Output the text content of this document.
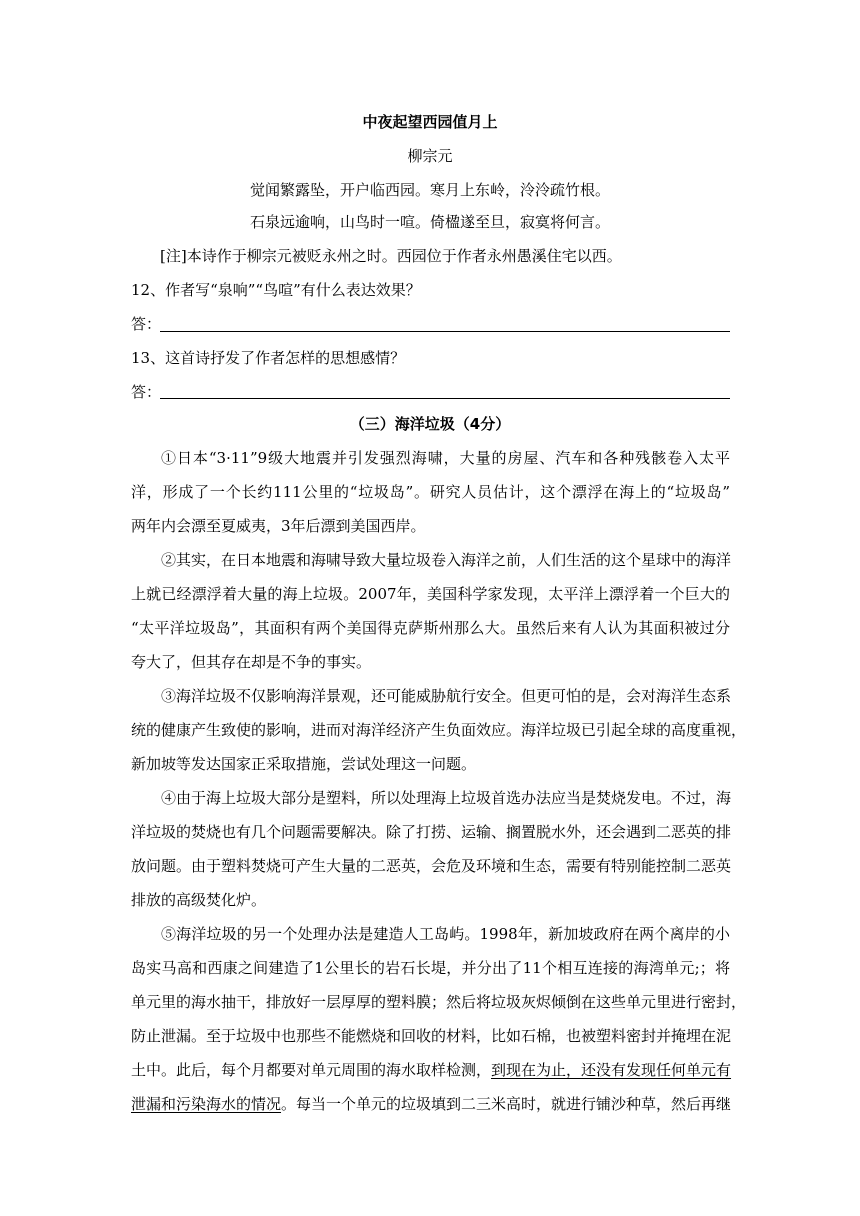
中夜起望西园值月上
柳宗元
觉闻繁露坠，开户临西园。寒月上东岭，泠泠疏竹根。
石泉远逾响，山鸟时一喧。倚楹遂至旦，寂寞将何言。
[注]本诗作于柳宗元被贬永州之时。西园位于作者永州愚溪住宅以西。
12、作者写“泉响”“鸟喧”有什么表达效果？
答：
13、这首诗抒发了作者怎样的思想感情？
答：
（三）海洋垃圾（4分）
①日本“3·11”9级大地震并引发强烈海啸，大量的房屋、汽车和各种残骸卷入太平
洋，形成了一个长约111公里的“垃圾岛”。研究人员估计，这个漂浮在海上的“垃圾岛”
两年内会漂至夏威夷，3年后漂到美国西岸。
②其实，在日本地震和海啸导致大量垃圾卷入海洋之前，人们生活的这个星球中的海洋
上就已经漂浮着大量的海上垃圾。2007年，美国科学家发现，太平洋上漂浮着一个巨大的
“太平洋垃圾岛”，其面积有两个美国得克萨斯州那么大。虽然后来有人认为其面积被过分
夸大了，但其存在却是不争的事实。
③海洋垃圾不仅影响海洋景观，还可能威胁航行安全。但更可怕的是，会对海洋生态系
统的健康产生致使的影响，进而对海洋经济产生负面效应。海洋垃圾已引起全球的高度重视，
新加坡等发达国家正采取措施，尝试处理这一问题。
④由于海上垃圾大部分是塑料，所以处理海上垃圾首选办法应当是焚烧发电。不过，海
洋垃圾的焚烧也有几个问题需要解决。除了打捞、运输、搁置脱水外，还会遇到二恶英的排
放问题。由于塑料焚烧可产生大量的二恶英，会危及环境和生态，需要有特别能控制二恶英
排放的高级焚化炉。
⑤海洋垃圾的另一个处理办法是建造人工岛屿。1998年，新加坡政府在两个离岸的小
岛实马高和西康之间建造了1公里长的岩石长堤，并分出了11个相互连接的海湾单元;；将
单元里的海水抽干，排放好一层厚厚的塑料膜；然后将垃圾灰烬倾倒在这些单元里进行密封，
防止泄漏。至于垃圾中也那些不能燃烧和回收的材料，比如石棉，也被塑料密封并掩埋在泥
土中。此后，每个月都要对单元周围的海水取样检测，到现在为止，还没有发现任何单元有
泄漏和污染海水的情况。每当一个单元的垃圾填到二三米高时，就进行铺沙种草，然后再继
